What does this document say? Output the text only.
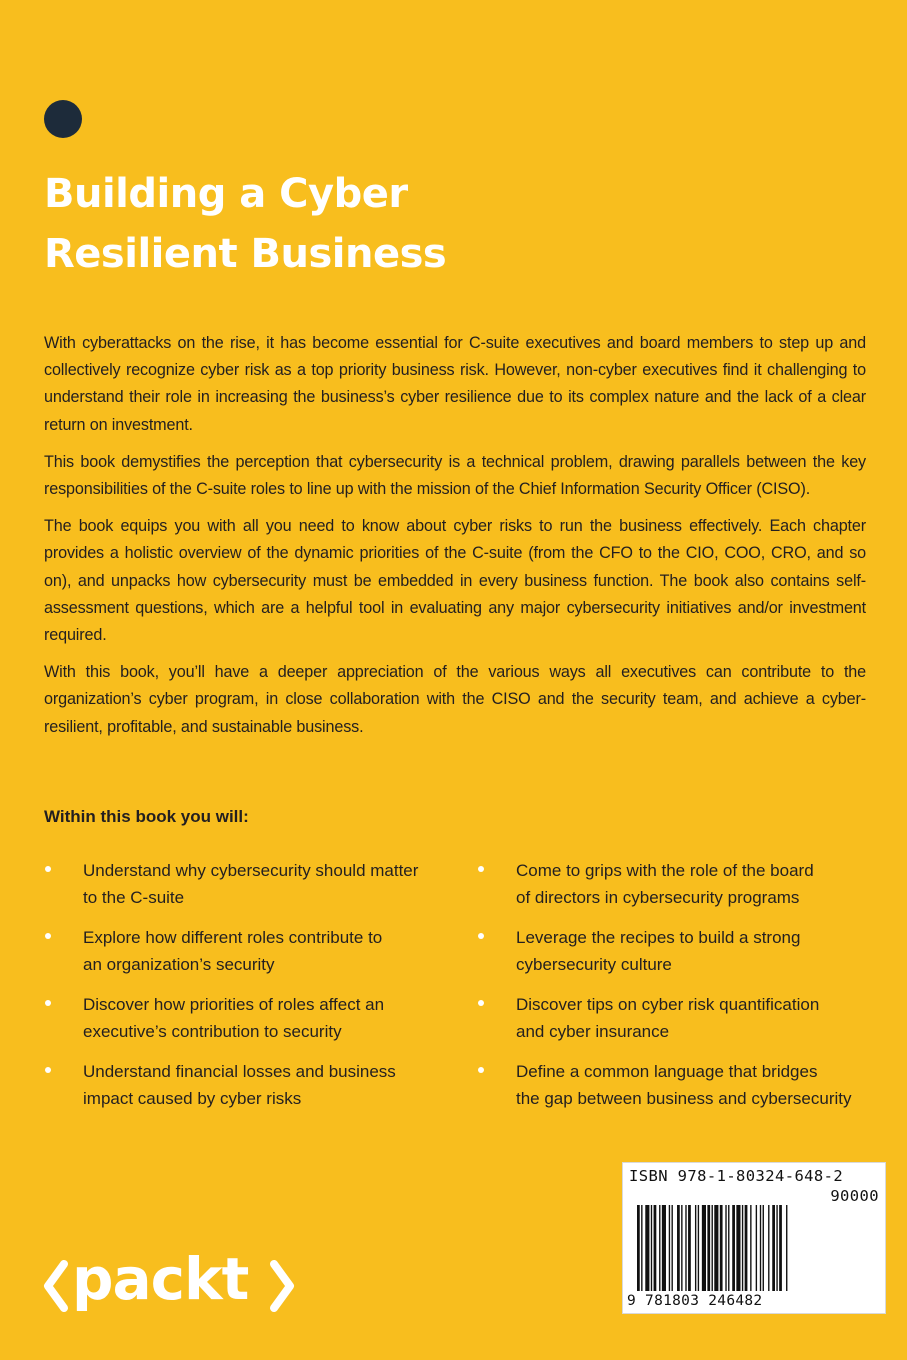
Building a Cyber
Resilient Business

With cyberattacks on the rise, it has become essential for C-suite executives and board members to step up and collectively recognize cyber risk as a top priority business risk. However, non-cyber executives find it challenging to understand their role in increasing the business’s cyber resilience due to its complex nature and the lack of a clear return on investment.

This book demystifies the perception that cybersecurity is a technical problem, drawing parallels between the key responsibilities of the C-suite roles to line up with the mission of the Chief Information Security Officer (CISO).

The book equips you with all you need to know about cyber risks to run the business effectively. Each chapter provides a holistic overview of the dynamic priorities of the C-suite (from the CFO to the CIO, COO, CRO, and so on), and unpacks how cybersecurity must be embedded in every business function. The book also contains self-assessment questions, which are a helpful tool in evaluating any major cybersecurity initiatives and/or investment required.

With this book, you’ll have a deeper appreciation of the various ways all executives can contribute to the organization’s cyber program, in close collaboration with the CISO and the security team, and achieve a cyber-resilient, profitable, and sustainable business.

Within this book you will:
Understand why cybersecurity should matter
to the C-suite
Explore how different roles contribute to
an organization’s security
Discover how priorities of roles affect an
executive’s contribution to security
Understand financial losses and business
impact caused by cyber risks
Come to grips with the role of the board
of directors in cybersecurity programs
Leverage the recipes to build a strong
cybersecurity culture
Discover tips on cyber risk quantification
and cyber insurance
Define a common language that bridges
the gap between business and cybersecurity
packt
ISBN 978-1-80324-648-2
90000
9 781803 246482
